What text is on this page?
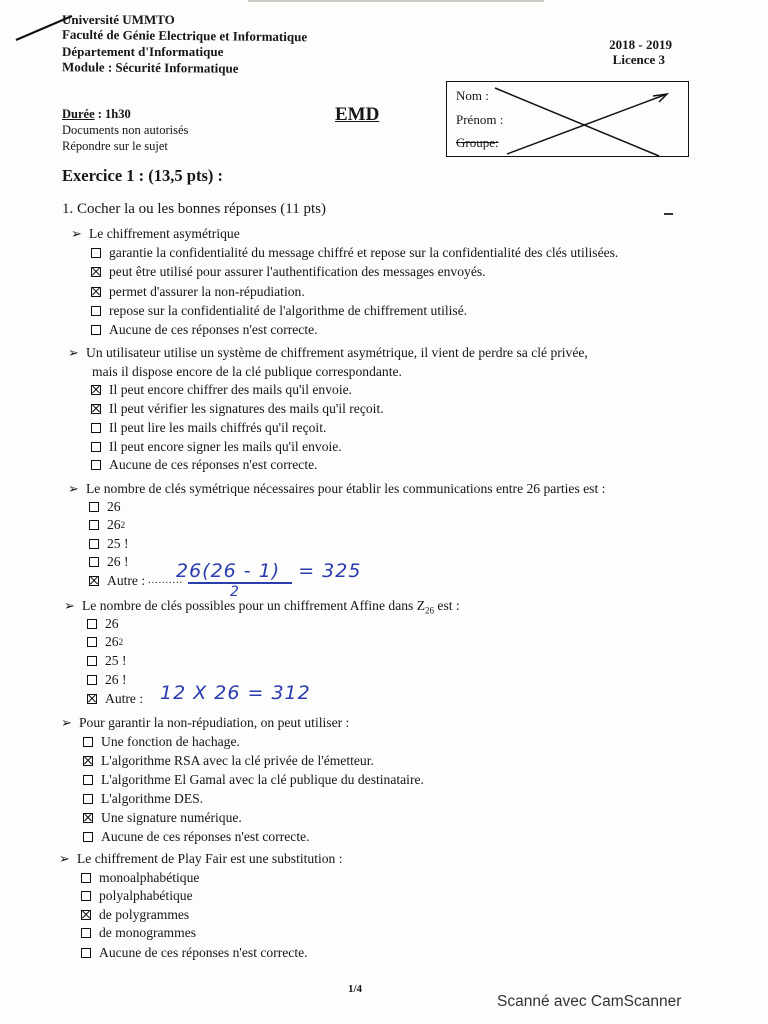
Université UMMTO
Faculté de Génie Electrique et Informatique
Département d'Informatique
Module : Sécurité Informatique
2018 - 2019
Licence 3
Durée : 1h30
Documents non autorisés
Répondre sur le sujet
EMD
Nom :
Prénom :
Groupe:
Exercice 1 : (13,5 pts) :
1. Cocher la ou les bonnes réponses (11 pts)
➢ Le chiffrement asymétrique
garantie la confidentialité du message chiffré et repose sur la confidentialité des clés utilisées.
peut être utilisé pour assurer l'authentification des messages envoyés.
permet d'assurer la non-répudiation.
repose sur la confidentialité de l'algorithme de chiffrement utilisé.
Aucune de ces réponses n'est correcte.
➢ Un utilisateur utilise un système de chiffrement asymétrique, il vient de perdre sa clé privée,
mais il dispose encore de la clé publique correspondante.
Il peut encore chiffrer des mails qu'il envoie.
Il peut vérifier les signatures des mails qu'il reçoit.
Il peut lire les mails chiffrés qu'il reçoit.
Il peut encore signer les mails qu'il envoie.
Aucune de ces réponses n'est correcte.
➢ Le nombre de clés symétrique nécessaires pour établir les communications entre 26 parties est :
26
26 2
25 !
26 !
Autre : ..........
26(26 - 1) = 325
2
➢ Le nombre de clés possibles pour un chiffrement Affine dans $Z_{26}$ est :
26
26 2
25 !
26 !
Autre : 12 X 26 = 312
➢ Pour garantir la non-répudiation, on peut utiliser :
Une fonction de hachage.
L'algorithme RSA avec la clé privée de l'émetteur.
L'algorithme El Gamal avec la clé publique du destinataire.
L'algorithme DES.
Une signature numérique.
Aucune de ces réponses n'est correcte.
➢ Le chiffrement de Play Fair est une substitution :
monoalphabétique
polyalphabétique
de polygrammes
de monogrammes
Aucune de ces réponses n'est correcte.
1/4
Scanné avec CamScanner
